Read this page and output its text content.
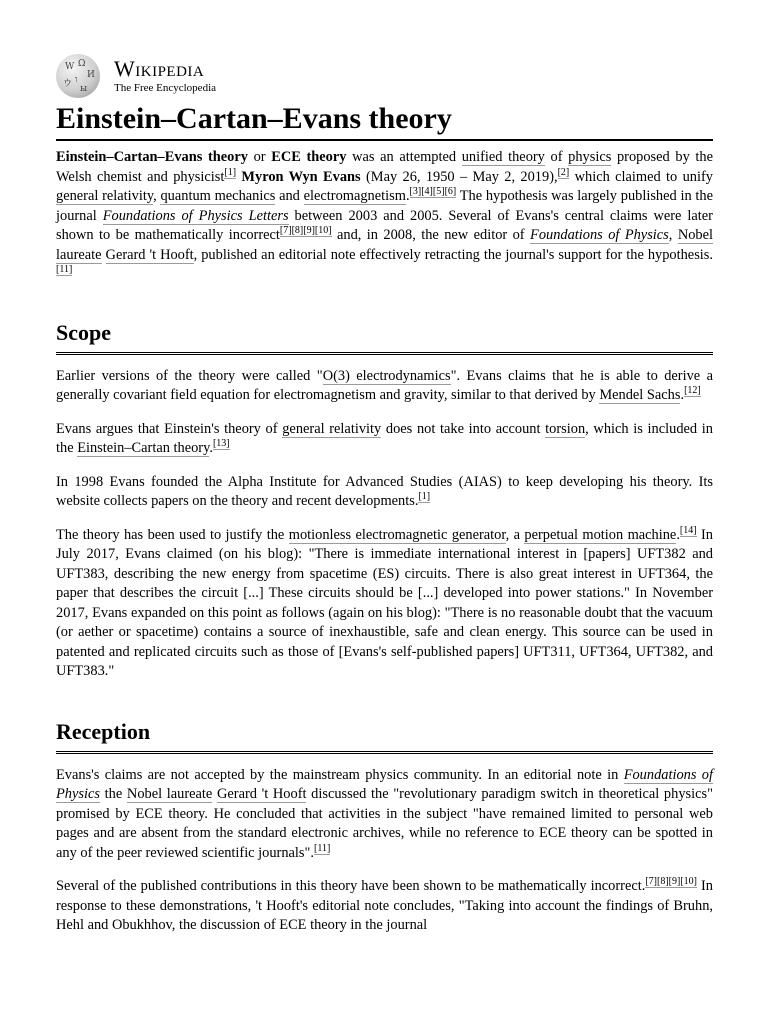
W Ω
И
ウ ו
ы
Wikipedia
The Free Encyclopedia
Einstein–Cartan–Evans theory

Einstein–Cartan–Evans theory or ECE theory was an attempted unified theory of physics proposed by the Welsh chemist and physicist[1] Myron Wyn Evans (May 26, 1950 – May 2, 2019),[2] which claimed to unify general relativity, quantum mechanics and electromagnetism.[3][4][5][6] The hypothesis was largely published in the journal Foundations of Physics Letters between 2003 and 2005. Several of Evans's central claims were later shown to be mathematically incorrect[7][8][9][10] and, in 2008, the new editor of Foundations of Physics, Nobel laureate Gerard 't Hooft, published an editorial note effectively retracting the journal's support for the hypothesis.[11]

Scope

Earlier versions of the theory were called "O(3) electrodynamics". Evans claims that he is able to derive a generally covariant field equation for electromagnetism and gravity, similar to that derived by Mendel Sachs.[12]

Evans argues that Einstein's theory of general relativity does not take into account torsion, which is included in the Einstein–Cartan theory.[13]

In 1998 Evans founded the Alpha Institute for Advanced Studies (AIAS) to keep developing his theory. Its website collects papers on the theory and recent developments.[1]

The theory has been used to justify the motionless electromagnetic generator, a perpetual motion machine.[14] In July 2017, Evans claimed (on his blog): "There is immediate international interest in [papers] UFT382 and UFT383, describing the new energy from spacetime (ES) circuits. There is also great interest in UFT364, the paper that describes the circuit [...] These circuits should be [...] developed into power stations." In November 2017, Evans expanded on this point as follows (again on his blog): "There is no reasonable doubt that the vacuum (or aether or spacetime) contains a source of inexhaustible, safe and clean energy. This source can be used in patented and replicated circuits such as those of [Evans's self-published papers] UFT311, UFT364, UFT382, and UFT383."

Reception

Evans's claims are not accepted by the mainstream physics community. In an editorial note in Foundations of Physics the Nobel laureate Gerard 't Hooft discussed the "revolutionary paradigm switch in theoretical physics" promised by ECE theory. He concluded that activities in the subject "have remained limited to personal web pages and are absent from the standard electronic archives, while no reference to ECE theory can be spotted in any of the peer reviewed scientific journals".[11]

Several of the published contributions in this theory have been shown to be mathematically incorrect.[7][8][9][10] In response to these demonstrations, 't Hooft's editorial note concludes, "Taking into account the findings of Bruhn, Hehl and Obukhhov, the discussion of ECE theory in the journal
